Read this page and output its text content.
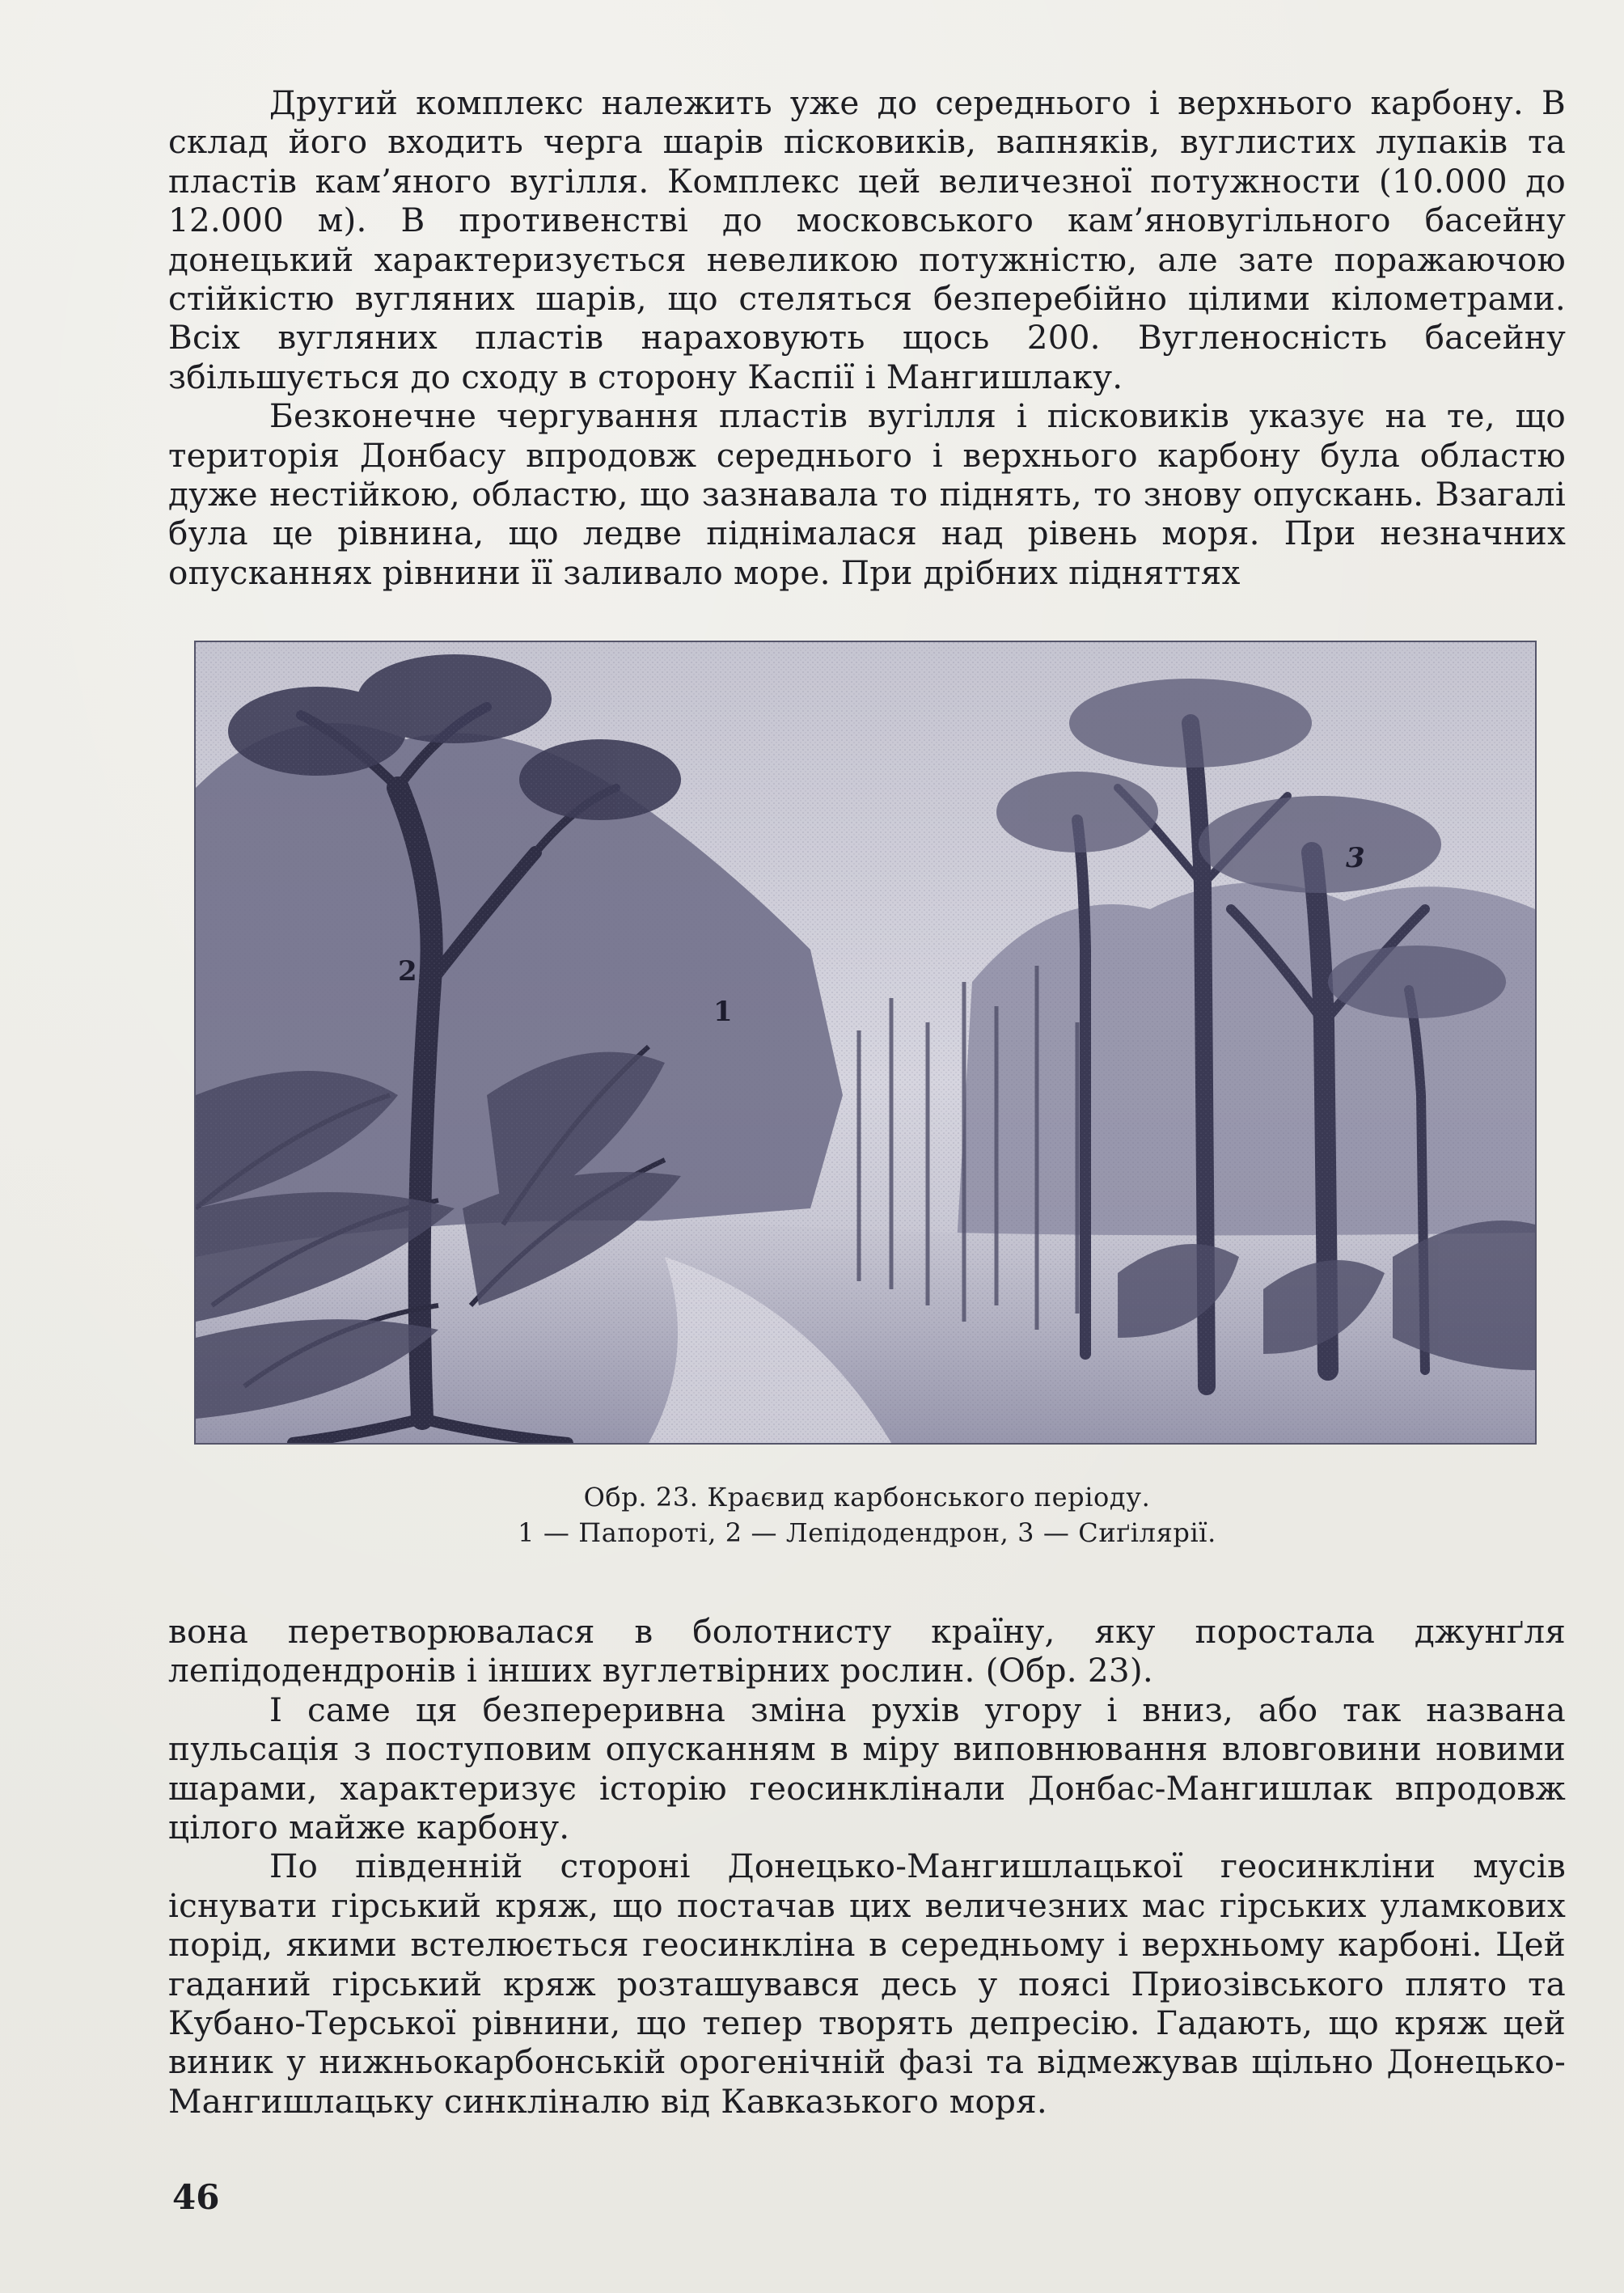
Другий комплекс належить уже до середнього і верхнього карбону. В склад його входить черга шарів пісковиків, вапняків, вуглистих лупаків та пластів кам’яного вугілля. Комплекс цей величезної потужности (10.000 до 12.000 м). В противенстві до московського кам’яновугільного басейну донецький характеризується невеликою потужністю, але зате поражаючою стійкістю вугляних шарів, що стеляться безперебійно цілими кілометрами. Всіх вугляних пластів нараховують щось 200. Вугленосність басейну збільшується до сходу в сторону Каспії і Мангишлаку.

Безконечне чергування пластів вугілля і пісковиків указує на те, що територія Донбасу впродовж середнього і верхнього карбону була областю дуже нестійкою, областю, що зазнавала то піднять, то знову опускань. Взагалі була це рівнина, що ледве піднімалася над рівень моря. При незначних опусканнях рівнини її заливало море. При дрібних підняттях

1
2
3
Обр. 23. Краєвид карбонського періоду.
1 — Папороті, 2 — Лепідодендрон, 3 — Сиґілярії.

вона перетворювалася в болотнисту країну, яку поростала джунґля лепідодендронів і інших вуглетвірних рослин. (Обр. 23).

І саме ця безпереривна зміна рухів угору і вниз, або так названа пульсація з поступовим опусканням в міру виповнювання вловговини новими шарами, характеризує історію геосинклінали Донбас-Мангишлак впродовж цілого майже карбону.

По південній стороні Донецько-Мангишлацької геосинкліни мусів існувати гірський кряж, що постачав цих величезних мас гірських уламкових порід, якими встелюється геосинкліна в середньому і верхньому карбоні. Цей гаданий гірський кряж розташувався десь у поясі Приозівського плято та Кубано-Терської рівнини, що тепер творять депресію. Гадають, що кряж цей виник у нижньокарбонській орогенічній фазі та відмежував щільно Донецько-Мангишлацьку синкліналю від Кавказького моря.

46
